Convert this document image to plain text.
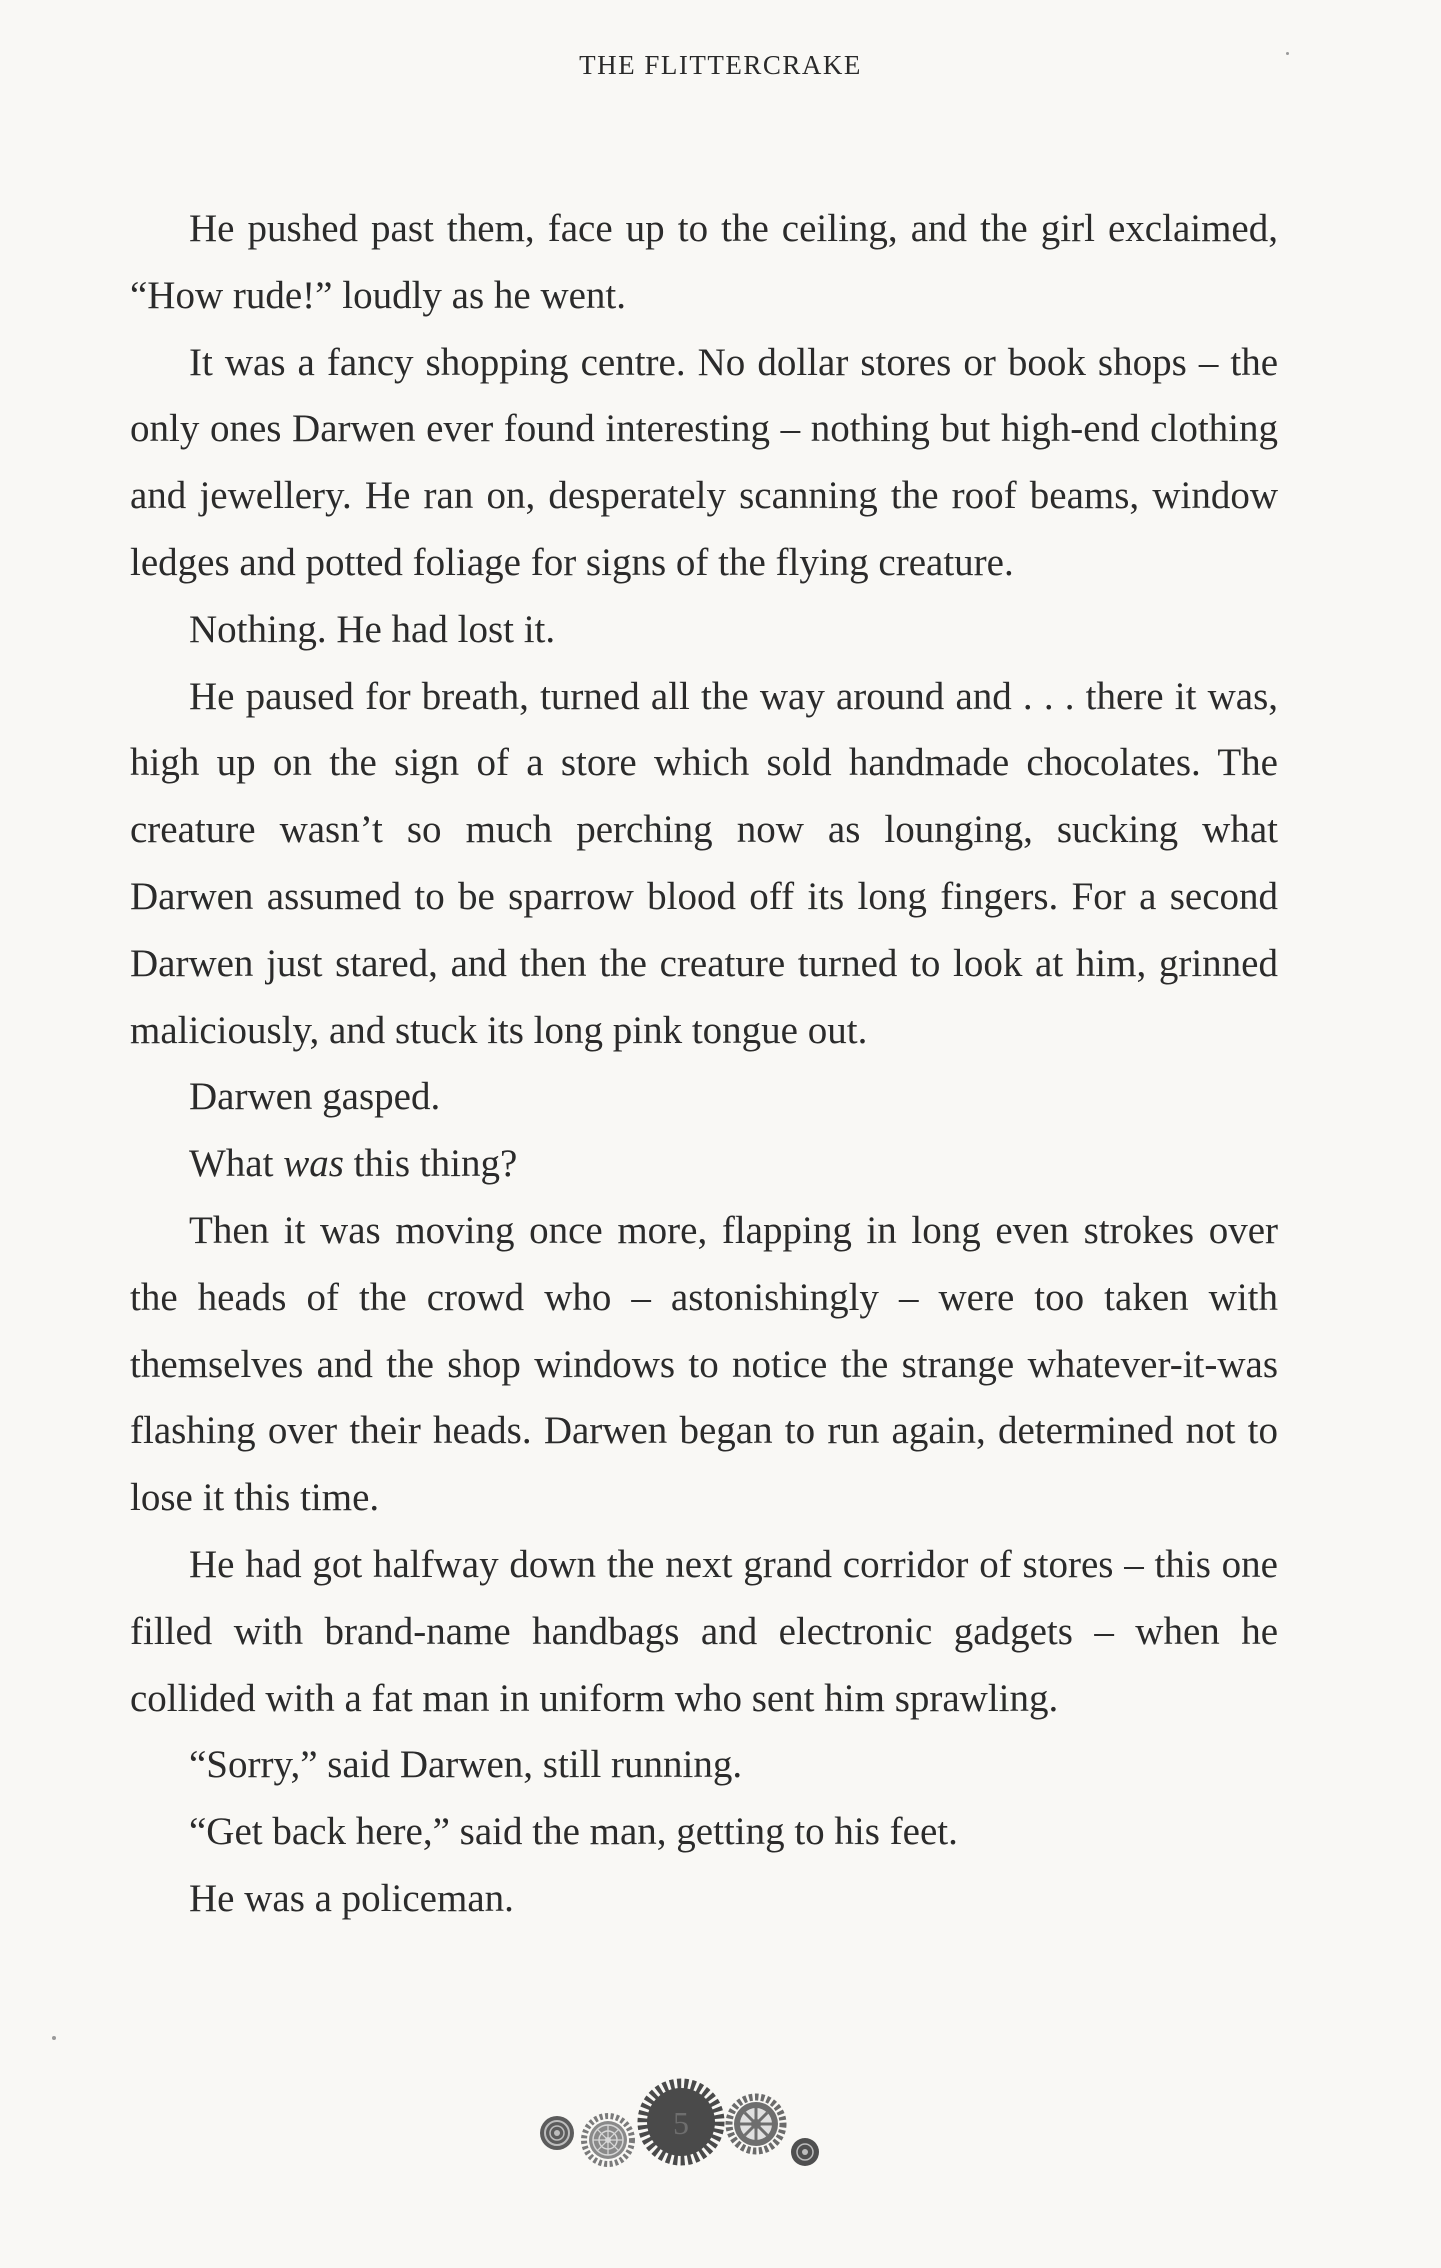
THE FLITTERCRAKE

He pushed past them, face up to the ceiling, and the girl exclaimed, “How rude!” loudly as he went.

It was a fancy shopping centre. No dollar stores or book shops – the only ones Darwen ever found interesting – nothing but high-end clothing and jewellery. He ran on, desperately scanning the roof beams, window ledges and potted foliage for signs of the flying creature.

Nothing. He had lost it.

He paused for breath, turned all the way around and . . . there it was, high up on the sign of a store which sold handmade chocolates. The creature wasn’t so much perching now as lounging, sucking what Darwen assumed to be sparrow blood off its long fingers. For a second Darwen just stared, and then the creature turned to look at him, grinned maliciously, and stuck its long pink tongue out.

Darwen gasped.

What was this thing?

Then it was moving once more, flapping in long even strokes over the heads of the crowd who – astonishingly – were too taken with themselves and the shop windows to notice the strange whatever-it-was flashing over their heads. Darwen began to run again, determined not to lose it this time.

He had got halfway down the next grand corridor of stores – this one filled with brand-name handbags and electronic gadgets – when he collided with a fat man in uniform who sent him sprawling.

“Sorry,” said Darwen, still running.

“Get back here,” said the man, getting to his feet.

He was a policeman.

5
